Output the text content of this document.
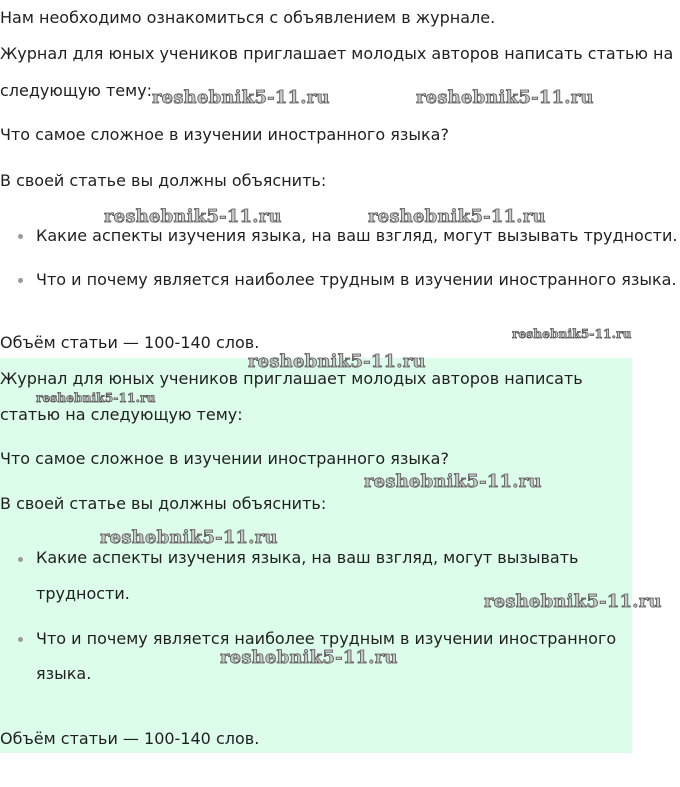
Нам необходимо ознакомиться с объявлением в журнале.

Журнал для юных учеников приглашает молодых авторов написать статью на

следующую тему:

Что самое сложное в изучении иностранного языка?

В своей статье вы должны объяснить:

Какие аспекты изучения языка, на ваш взгляд, могут вызывать трудности.

Что и почему является наиболее трудным в изучении иностранного языка.

Объём статьи — 100-140 слов.

Журнал для юных учеников приглашает молодых авторов написать

статью на следующую тему:

Что самое сложное в изучении иностранного языка?

В своей статье вы должны объяснить:

Какие аспекты изучения языка, на ваш взгляд, могут вызывать

трудности.

Что и почему является наиболее трудным в изучении иностранного

языка.

Объём статьи — 100-140 слов.

reshebnik5-11.ru	reshebnik5-11.ru
reshebnik5-11.ru	reshebnik5-11.ru
reshebnik5-11.ru
reshebnik5-11.ru
reshebnik5-11.ru
reshebnik5-11.ru
reshebnik5-11.ru
reshebnik5-11.ru
reshebnik5-11.ru
